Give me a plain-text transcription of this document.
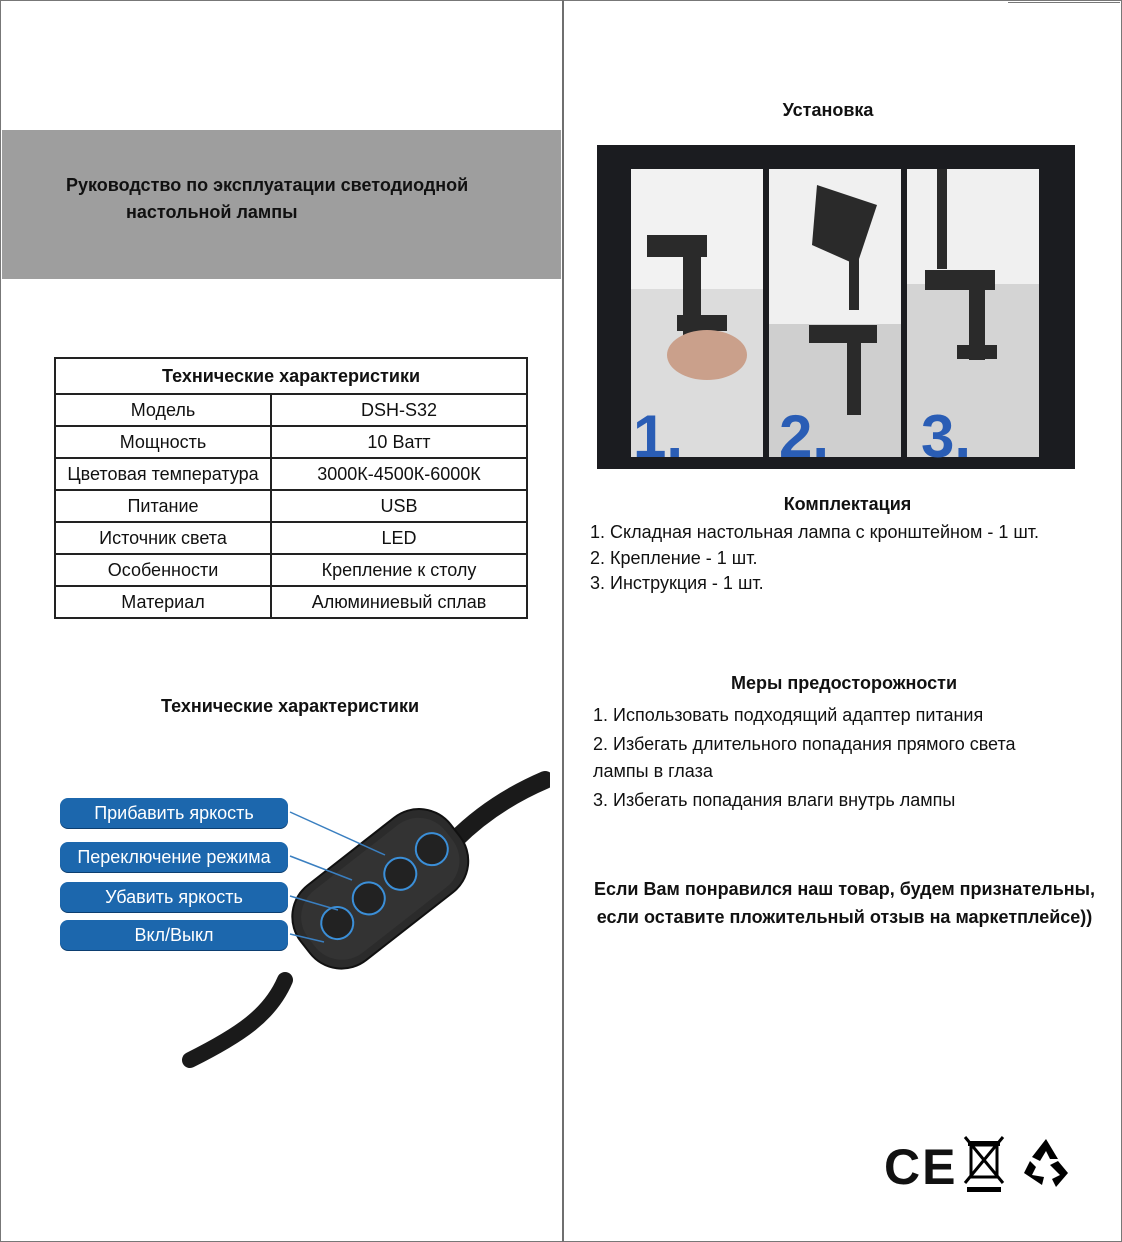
Руководство по эксплуатации светодиодной
настольной лампы
Технические характеристики	
Модель	DSH-S32
Мощность	10 Ватт
Цветовая температура	3000К-4500К-6000К
Питание	USB
Источник света	LED
Особенности	Крепление к столу
Материал	Алюминиевый сплав
Технические характеристики
Прибавить яркость
Переключение режима
Убавить яркость
Вкл/Выкл
Установка
1. 2. 3.
Комплектация
1. Складная настольная лампа с кронштейном - 1 шт.
2. Крепление - 1 шт.
3. Инструкция - 1 шт.
Меры предосторожности
1. Использовать подходящий адаптер питания
2. Избегать длительного попадания прямого света
лампы в глаза
3. Избегать попадания влаги внутрь лампы
Если Вам понравился наш товар, будем признательны,
если оставите пложительный отзыв на маркетплейсе))
CE
